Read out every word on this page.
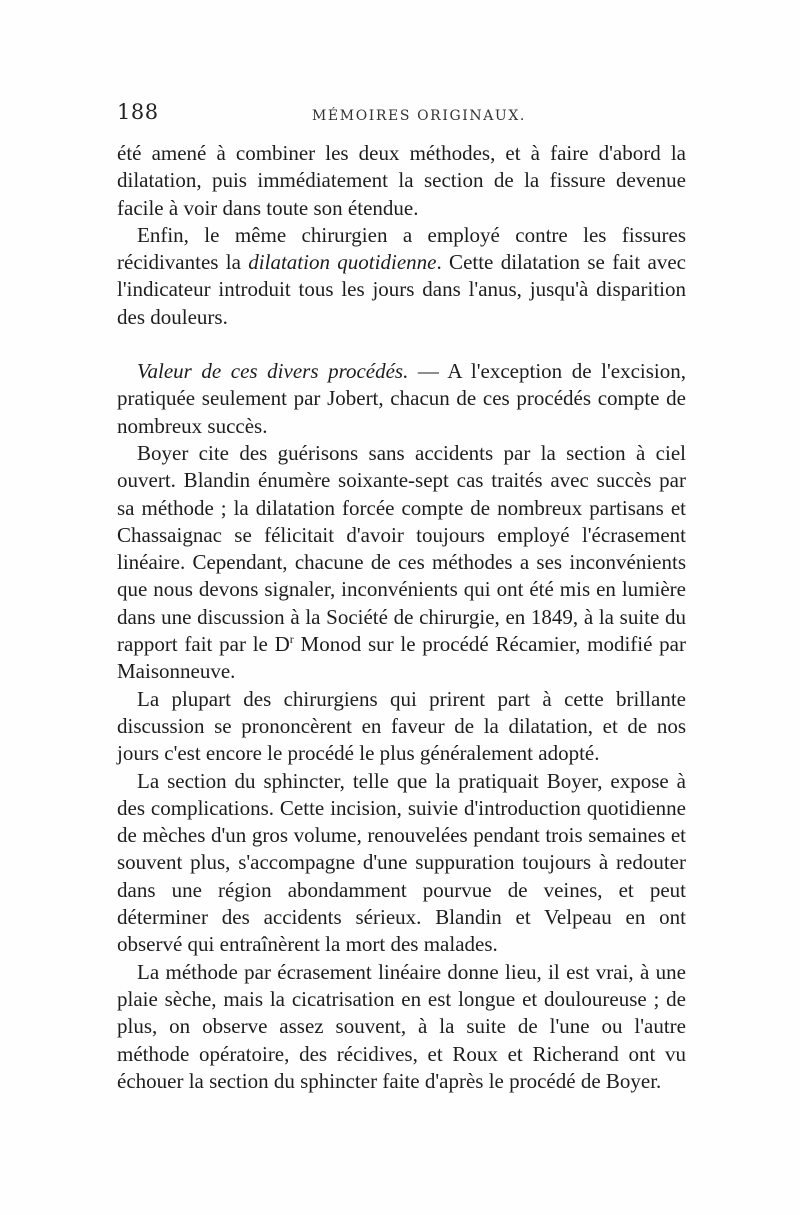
188	MÉMOIRES ORIGINAUX.

été amené à combiner les deux méthodes, et à faire d'abord la dilatation, puis immédiatement la section de la fissure devenue facile à voir dans toute son étendue.

Enfin, le même chirurgien a employé contre les fissures récidivantes la dilatation quotidienne. Cette dilatation se fait avec l'indicateur introduit tous les jours dans l'anus, jusqu'à disparition des douleurs.

Valeur de ces divers procédés. — A l'exception de l'excision, pratiquée seulement par Jobert, chacun de ces procédés compte de nombreux succès.

Boyer cite des guérisons sans accidents par la section à ciel ouvert. Blandin énumère soixante-sept cas traités avec succès par sa méthode ; la dilatation forcée compte de nombreux partisans et Chassaignac se félicitait d'avoir toujours employé l'écrasement linéaire. Cependant, chacune de ces méthodes a ses inconvénients que nous devons signaler, inconvénients qui ont été mis en lumière dans une discussion à la Société de chirurgie, en 1849, à la suite du rapport fait par le $D^r$ Monod sur le procédé Récamier, modifié par Maisonneuve.

La plupart des chirurgiens qui prirent part à cette brillante discussion se prononcèrent en faveur de la dilatation, et de nos jours c'est encore le procédé le plus généralement adopté.

La section du sphincter, telle que la pratiquait Boyer, expose à des complications. Cette incision, suivie d'introduction quotidienne de mèches d'un gros volume, renouvelées pendant trois semaines et souvent plus, s'accompagne d'une suppuration toujours à redouter dans une région abondamment pourvue de veines, et peut déterminer des accidents sérieux. Blandin et Velpeau en ont observé qui entraînèrent la mort des malades.

La méthode par écrasement linéaire donne lieu, il est vrai, à une plaie sèche, mais la cicatrisation en est longue et douloureuse ; de plus, on observe assez souvent, à la suite de l'une ou l'autre méthode opératoire, des récidives, et Roux et Richerand ont vu échouer la section du sphincter faite d'après le procédé de Boyer.
